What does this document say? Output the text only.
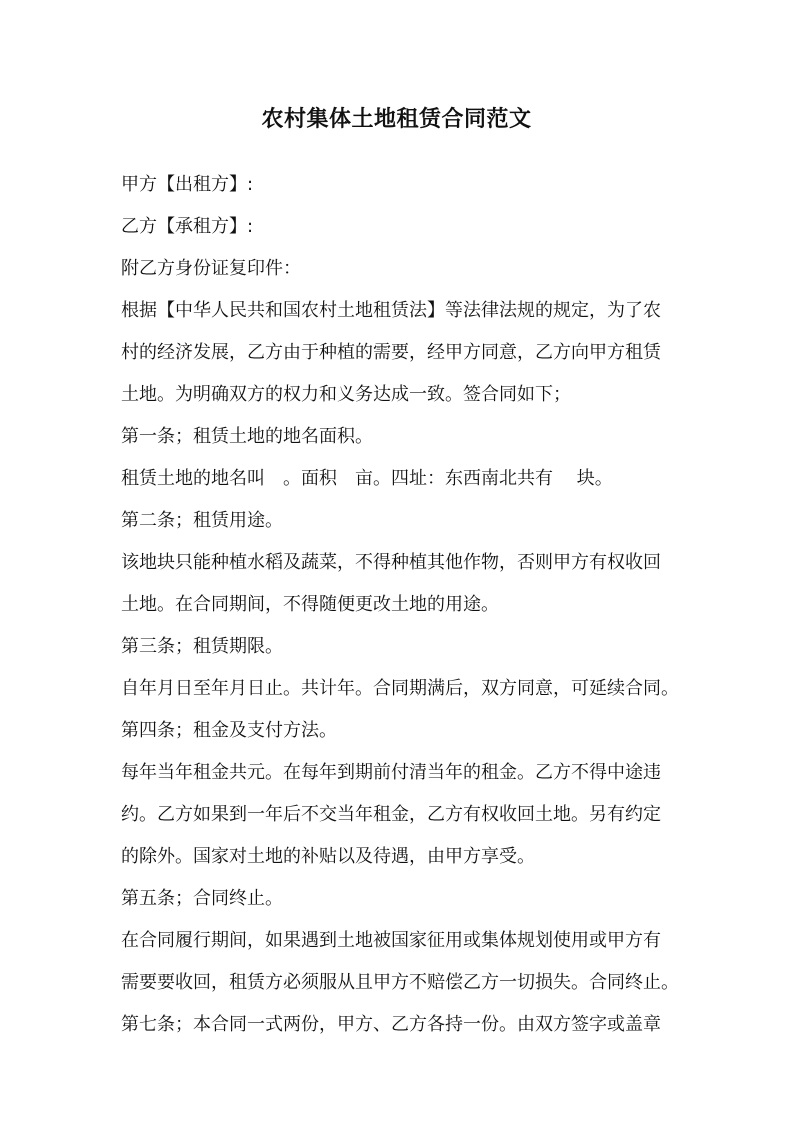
农村集体土地租赁合同范文

甲方【出租方】:

乙方【承租方】:

附乙方身份证复印件：

根据【中华人民共和国农村土地租赁法】等法律法规的规定，为了农

村的经济发展，乙方由于种植的需要，经甲方同意，乙方向甲方租赁

土地。为明确双方的权力和义务达成一致。签合同如下；

第一条；租赁土地的地名面积。

租赁土地的地名叫　。面积　亩。四址：东西南北共有　 块。

第二条；租赁用途。

该地块只能种植水稻及蔬菜，不得种植其他作物，否则甲方有权收回

土地。在合同期间，不得随便更改土地的用途。

第三条；租赁期限。

自年月日至年月日止。共计年。合同期满后，双方同意，可延续合同。

第四条；租金及支付方法。

每年当年租金共元。在每年到期前付清当年的租金。乙方不得中途违

约。乙方如果到一年后不交当年租金，乙方有权收回土地。另有约定

的除外。国家对土地的补贴以及待遇，由甲方享受。

第五条；合同终止。

在合同履行期间，如果遇到土地被国家征用或集体规划使用或甲方有

需要要收回，租赁方必须服从且甲方不赔偿乙方一切损失。合同终止。

第七条；本合同一式两份，甲方、乙方各持一份。由双方签字或盖章
